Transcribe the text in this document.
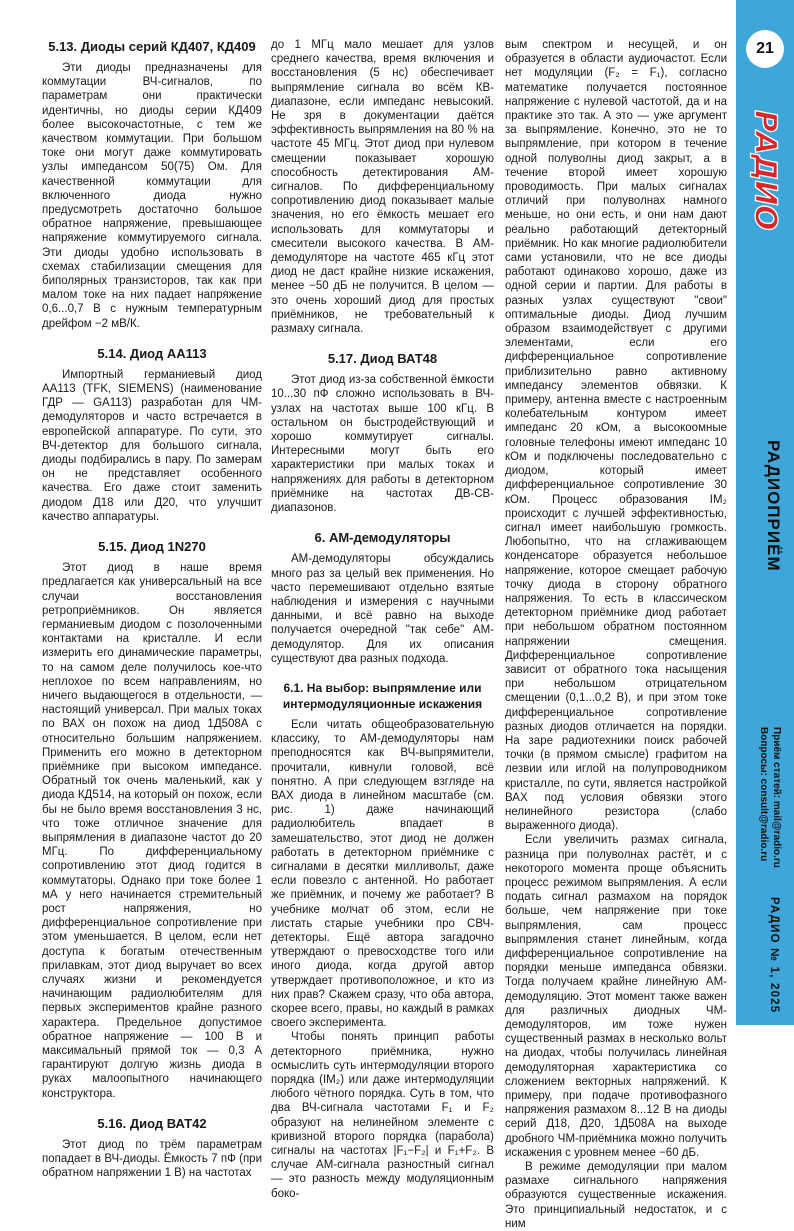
5.13. Диоды серий КД407, КД409

Эти диоды предназначены для коммутации ВЧ-сигналов, по параметрам они практически идентичны, но диоды серии КД409 более высокочастотные, с тем же качеством коммутации. При большом токе они могут даже коммутировать узлы импедансом 50(75) Ом. Для качественной коммутации для включенного диода нужно предусмотреть достаточно большое обратное напряжение, превышающее напряжение коммутируемого сигнала. Эти диоды удобно использовать в схемах стабилизации смещения для биполярных транзисторов, так как при малом токе на них падает напряжение 0,6...0,7 В с нужным температурным дрейфом −2 мВ/К.

5.14. Диод АА113

Импортный германиевый диод АА113 (TFK, SIEMENS) (наименование ГДР — GA113) разработан для ЧМ-демодуляторов и часто встречается в европейской аппаратуре. По сути, это ВЧ-детектор для большого сигнала, диоды подбирались в пару. По замерам он не представляет особенного качества. Его даже стоит заменить диодом Д18 или Д20, что улучшит качество аппаратуры.

5.15. Диод 1N270

Этот диод в наше время предлагается как универсальный на все случаи восстановления ретроприёмников. Он является германиевым диодом с позолоченными контактами на кристалле. И если измерить его динамические параметры, то на самом деле получилось кое-что неплохое по всем направлениям, но ничего выдающегося в отдельности, — настоящий универсал. При малых токах по ВАХ он похож на диод 1Д508А с относительно большим напряжением. Применить его можно в детекторном приёмнике при высоком импедансе. Обратный ток очень маленький, как у диода КД514, на который он похож, если бы не было время восстановления 3 нс, что тоже отличное значение для выпрямления в диапазоне частот до 20 МГц. По дифференциальному сопротивлению этот диод годится в коммутаторы. Однако при токе более 1 мА у него начинается стремительный рост напряжения, но дифференциальное сопротивление при этом уменьшается. В целом, если нет доступа к богатым отечественным прилавкам, этот диод выручает во всех случаях жизни и рекомендуется начинающим радиолюбителям для первых экспериментов крайне разного характера. Предельное допустимое обратное напряжение — 100 В и максимальный прямой ток — 0,3 А гарантируют долгую жизнь диода в руках малоопытного начинающего конструктора.

5.16. Диод ВАТ42

Этот диод по трём параметрам попадает в ВЧ-диоды. Ёмкость 7 пФ (при обратном напряжении 1 В) на частотах

до 1 МГц мало мешает для узлов среднего качества, время включения и восстановления (5 нс) обеспечивает выпрямление сигнала во всём КВ-диапазоне, если импеданс невысокий. Не зря в документации даётся эффективность выпрямления на 80 % на частоте 45 МГц. Этот диод при нулевом смещении показывает хорошую способность детектирования АМ-сигналов. По дифференциальному сопротивлению диод показывает малые значения, но его ёмкость мешает его использовать для коммутаторы и смесители высокого качества. В АМ-демодуляторе на частоте 465 кГц этот диод не даст крайне низкие искажения, менее −50 дБ не получится. В целом — это очень хороший диод для простых приёмников, не требовательный к размаху сигнала.

5.17. Диод ВАТ48

Этот диод из-за собственной ёмкости 10...30 пФ сложно использовать в ВЧ-узлах на частотах выше 100 кГц. В остальном он быстродействующий и хорошо коммутирует сигналы. Интересными могут быть его характеристики при малых токах и напряжениях для работы в детекторном приёмнике на частотах ДВ-СВ-диапазонов.

6. АМ-демодуляторы

АМ-демодуляторы обсуждались много раз за целый век применения. Но часто перемешивают отдельно взятые наблюдения и измерения с научными данными, и всё равно на выходе получается очередной "так себе" АМ-демодулятор. Для их описания существуют два разных подхода.

6.1. На выбор: выпрямление или интермодуляционные искажения

Если читать общеобразовательную классику, то АМ-демодуляторы нам преподносятся как ВЧ-выпрямители, прочитали, кивнули головой, всё понятно. А при следующем взгляде на ВАХ диода в линейном масштабе (см. рис. 1) даже начинающий радиолюбитель впадает в замешательство, этот диод не должен работать в детекторном приёмнике с сигналами в десятки милливольт, даже если повезло с антенной. Но работает же приёмник, и почему же работает? В учебнике молчат об этом, если не листать старые учебники про СВЧ-детекторы. Ещё автора загадочно утверждают о превосходстве того или иного диода, когда другой автор утверждает противоположное, и кто из них прав? Скажем сразу, что оба автора, скорее всего, правы, но каждый в рамках своего эксперимента.

Чтобы понять принцип работы детекторного приёмника, нужно осмыслить суть интермодуляции второго порядка (IM₂) или даже интермодуляции любого чётного порядка. Суть в том, что два ВЧ-сигнала частотами F₁ и F₂ образуют на нелинейном элементе с кривизной второго порядка (парабола) сигналы на частотах |F₁−F₂| и F₁+F₂. В случае АМ-сигнала разностный сигнал — это разность между модуляционным боко-

вым спектром и несущей, и он образуется в области аудиочастот. Если нет модуляции (F₂ = F₁), согласно математике получается постоянное напряжение с нулевой частотой, да и на практике это так. А это — уже аргумент за выпрямление. Конечно, это не то выпрямление, при котором в течение одной полуволны диод закрыт, а в течение второй имеет хорошую проводимость. При малых сигналах отличий при полуволнах намного меньше, но они есть, и они нам дают реально работающий детекторный приёмник. Но как многие радиолюбители сами установили, что не все диоды работают одинаково хорошо, даже из одной серии и партии. Для работы в разных узлах существуют "свои" оптимальные диоды. Диод лучшим образом взаимодействует с другими элементами, если его дифференциальное сопротивление приблизительно равно активному импедансу элементов обвязки. К примеру, антенна вместе с настроенным колебательным контуром имеет импеданс 20 кОм, а высокоомные головные телефоны имеют импеданс 10 кОм и подключены последовательно с диодом, который имеет дифференциальное сопротивление 30 кОм. Процесс образования IM₂ происходит с лучшей эффективностью, сигнал имеет наибольшую громкость. Любопытно, что на сглаживающем конденсаторе образуется небольшое напряжение, которое смещает рабочую точку диода в сторону обратного напряжения. То есть в классическом детекторном приёмнике диод работает при небольшом обратном постоянном напряжении смещения. Дифференциальное сопротивление зависит от обратного тока насыщения при небольшом отрицательном смещении (0,1...0,2 В), и при этом токе дифференциальное сопротивление разных диодов отличается на порядки. На заре радиотехники поиск рабочей точки (в прямом смысле) графитом на лезвии или иглой на полупроводником кристалле, по сути, является настройкой ВАХ под условия обвязки этого нелинейного резистора (слабо выраженного диода).

Если увеличить размах сигнала, разница при полуволнах растёт, и с некоторого момента проще объяснить процесс режимом выпрямления. А если подать сигнал размахом на порядок больше, чем напряжение при токе выпрямления, сам процесс выпрямления станет линейным, когда дифференциальное сопротивление на порядки меньше импеданса обвязки. Тогда получаем крайне линейную АМ-демодуляцию. Этот момент также важен для различных диодных ЧМ-демодуляторов, им тоже нужен существенный размах в несколько вольт на диодах, чтобы получилась линейная демодуляторная характеристика со сложением векторных напряжений. К примеру, при подаче противофазного напряжения размахом 8...12 В на диоды серий Д18, Д20, 1Д508А на выходе дробного ЧМ-приёмника можно получить искажения с уровнем менее −60 дБ.

В режиме демодуляции при малом размахе сигнального напряжения образуются существенные искажения. Это принципиальный недостаток, и с ним

21
РАДИО
РАДИОПРИЁМ
Приём статей: mail@radio.ru
Вопросы: consult@radio.ru
РАДИО № 1, 2025
